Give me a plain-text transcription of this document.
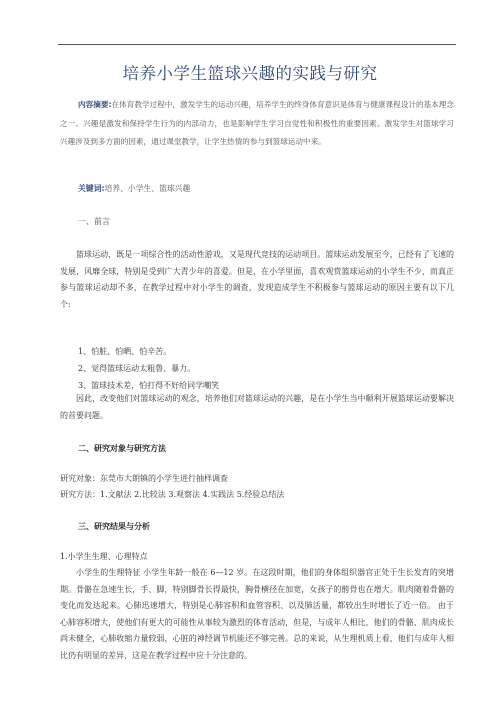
培养小学生篮球兴趣的实践与研究
内容摘要:在体育教学过程中，激发学生的运动兴趣，培养学生的终身体育意识是体育与健康课程设计的基本理念之一。兴趣是激发和保持学生行为的内部动力，也是影响学生学习自觉性和积极性的重要因素。激发学生对篮球学习兴趣涉及到多方面的因素，通过课堂教学，让学生热情的参与到篮球运动中来。
关键词:培养、小学生、篮球兴趣
一、前言
篮球运动，既是一项综合性的活动性游戏，又是现代竞技的运动项目。篮球运动发展至今，已经有了飞速的发展，风靡全球，特别是受到广大青少年的喜爱。但是，在小学里面，喜欢观赏篮球运动的小学生不少，而真正参与篮球运动却不多，在教学过程中对小学生的调查，发现造成学生不积极参与篮球运动的原因主要有以下几个:
1、怕脏、怕晒、怕辛苦。
2、觉得篮球运动太粗鲁、暴力。
3、篮球技术差，怕打得不好给同学嘲笑
因此，改变他们对篮球运动的观念，培养他们对篮球运动的兴趣，是在小学生当中顺利开展篮球运动要解决的首要问题。
二、研究对象与研究方法
研究对象：东莞市大朗镇的小学生进行抽样调查
研究方法：1.文献法 2.比较法 3.观察法 4.实践法 5.经验总结法
三、研究结果与分析
1.小学生生理、心理特点
小学生的生理特征 小学生年龄一般在 6—12 岁。在这段时期，他们的身体组织器官正处于生长发育的突增期。骨骼在急速生长，手、脚，特别脚骨长得最快，胸骨横径在加宽，女孩子的骻骨也在增大。肌肉随着骨骼的变化而发达起来。心肺迅速增大，特别是心肺容积和血管容积、以及肺活量，都较出生时增长了近一倍。 由于心肺容积增大，使他们有更大的可能性从事较为激烈的体育活动，但是，与成年人相比，他们的骨骼、肌肉成长尚未健全，心肺收缩力量较弱，心脏的神经调节机能还不够完善。总的来说，从生理机质上看，他们与成年人相比仍有明显的差异，这是在教学过程中应十分注意的。
